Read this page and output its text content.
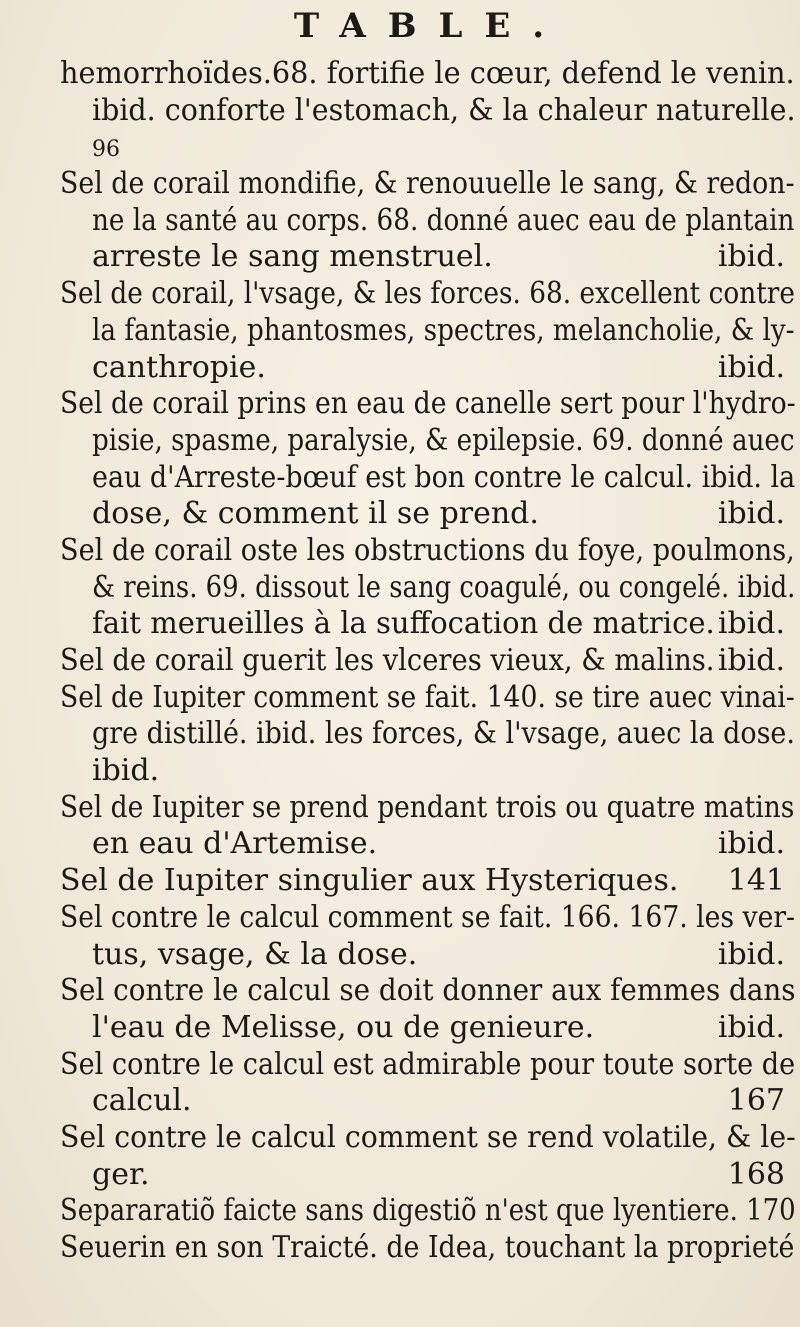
TABLE.
hemorrhoïdes.68. fortifie le cœur, defend le venin.
ibid. conforte l'estomach, & la chaleur naturelle.
96
Sel de corail mondifie, & renouuelle le sang, & redon-
ne la santé au corps. 68. donné auec eau de plantain
arreste le sang menstruel.	ibid.
Sel de corail, l'vsage, & les forces. 68. excellent contre
la fantasie, phantosmes, spectres, melancholie, & ly-
canthropie.	ibid.
Sel de corail prins en eau de canelle sert pour l'hydro-
pisie, spasme, paralysie, & epilepsie. 69. donné auec
eau d'Arreste-bœuf est bon contre le calcul. ibid. la
dose, & comment il se prend.	ibid.
Sel de corail oste les obstructions du foye, poulmons,
& reins. 69. dissout le sang coagulé, ou congelé. ibid.
fait merueilles à la suffocation de matrice. ibid.
Sel de corail guerit les vlceres vieux, & malins. ibid.
Sel de Iupiter comment se fait. 140. se tire auec vinai-
gre distillé. ibid. les forces, & l'vsage, auec la dose.
ibid.
Sel de Iupiter se prend pendant trois ou quatre matins
en eau d'Artemise.	ibid.
Sel de Iupiter singulier aux Hysteriques. 141
Sel contre le calcul comment se fait. 166. 167. les ver-
tus, vsage, & la dose.	ibid.
Sel contre le calcul se doit donner aux femmes dans
l'eau de Melisse, ou de genieure.	ibid.
Sel contre le calcul est admirable pour toute sorte de
calcul.	167
Sel contre le calcul comment se rend volatile, & le-
ger.	168
Separaratiõ faicte sans digestiõ n'est que lyentiere. 170
Seuerin en son Traicté. de Idea, touchant la proprieté
